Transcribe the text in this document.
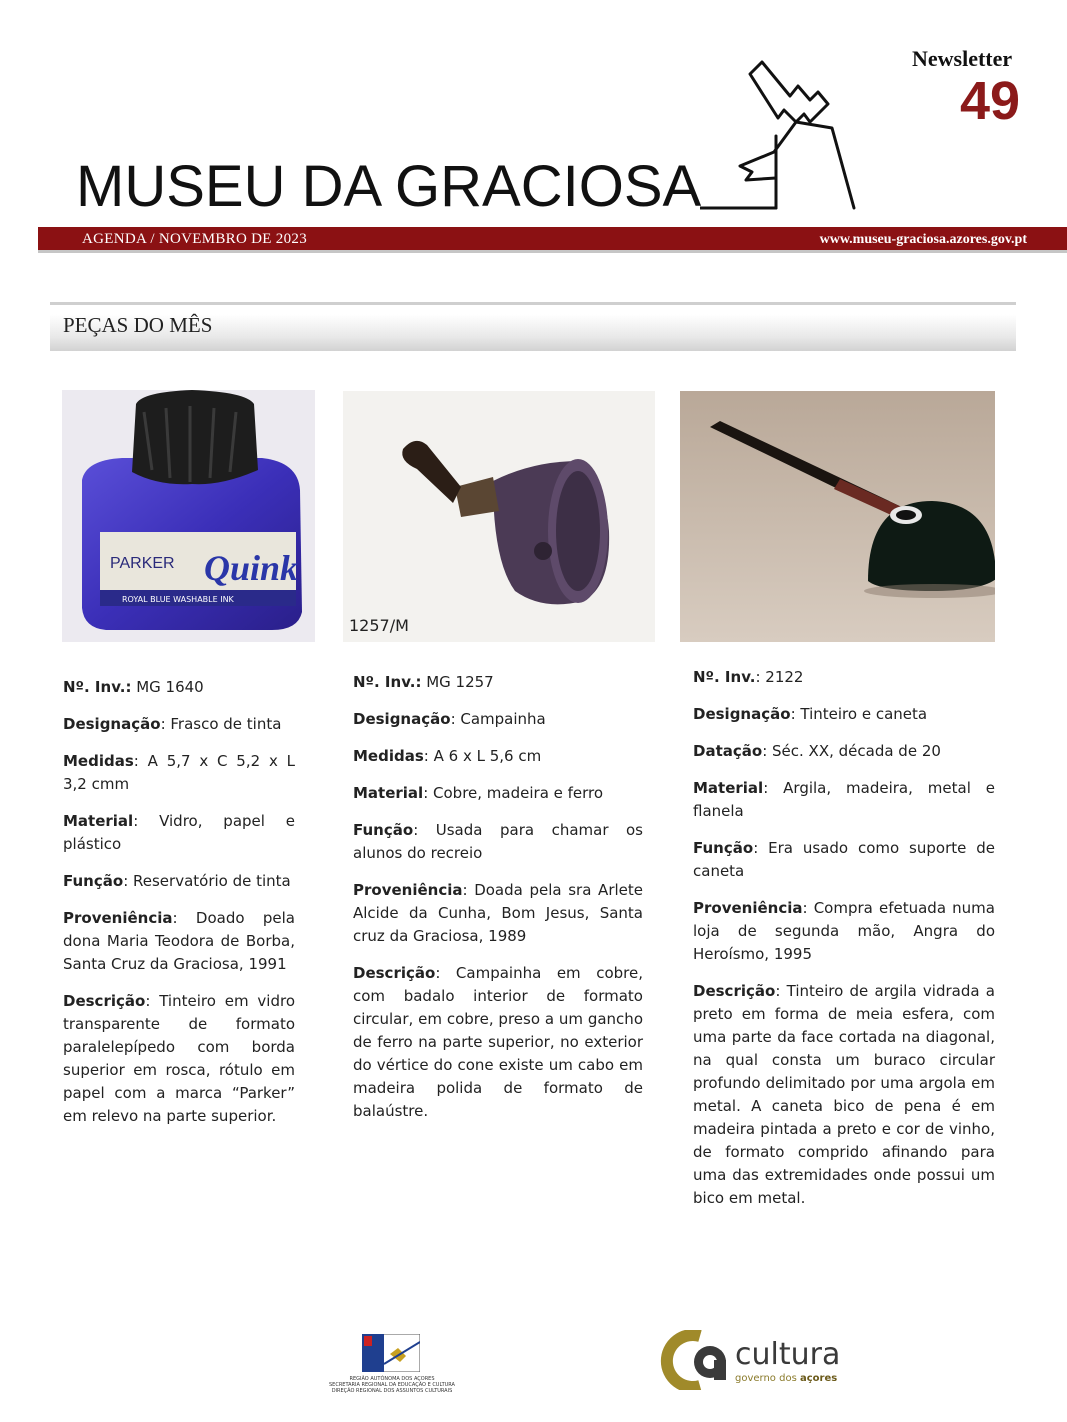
Newsletter
49
MUSEU DA GRACIOSA
AGENDA / NOVEMBRO DE 2023	www.museu-graciosa.azores.gov.pt
PEÇAS DO MÊS
PARKER Quink
ROYAL BLUE WASHABLE INK
1257/M

Nº. Inv.: MG 1640

Designação: Frasco de tinta

Medidas: A 5,7 x C 5,2 x L 3,2 cmm

Material: Vidro, papel e plástico

Função: Reservatório de tinta

Proveniência: Doado pela dona Maria Teodora de Borba, Santa Cruz da Graciosa, 1991

Descrição: Tinteiro em vidro transparente de formato paralelepípedo com borda superior em rosca, rótulo em papel com a marca “Parker” em relevo na parte superior.

Nº. Inv.: MG 1257

Designação: Campainha

Medidas: A 6 x L 5,6 cm

Material: Cobre, madeira e ferro

Função: Usada para chamar os alunos do recreio

Proveniência: Doada pela sra Arlete Alcide da Cunha, Bom Jesus, Santa cruz da Graciosa, 1989

Descrição: Campainha em cobre, com badalo interior de formato circular, em cobre, preso a um gancho de ferro na parte superior, no exterior do vértice do cone existe um cabo em madeira polida de formato de balaústre.

Nº. Inv.: 2122

Designação: Tinteiro e caneta

Datação: Séc. XX, década de 20

Material: Argila, madeira, metal e flanela

Função: Era usado como suporte de caneta

Proveniência: Compra efetuada numa loja de segunda mão, Angra do Heroísmo, 1995

Descrição: Tinteiro de argila vidrada a preto em forma de meia esfera, com uma parte da face cortada na diagonal, na qual consta um buraco circular profundo delimitado por uma argola em metal. A caneta bico de pena é em madeira pintada a preto e cor de vinho, de formato comprido afinando para uma das extremidades onde possui um bico em metal.

REGIÃO AUTÓNOMA DOS AÇORES
SECRETARIA REGIONAL DA EDUCAÇÃO E CULTURA
DIREÇÃO REGIONAL DOS ASSUNTOS CULTURAIS
cultura
governo dos açores
